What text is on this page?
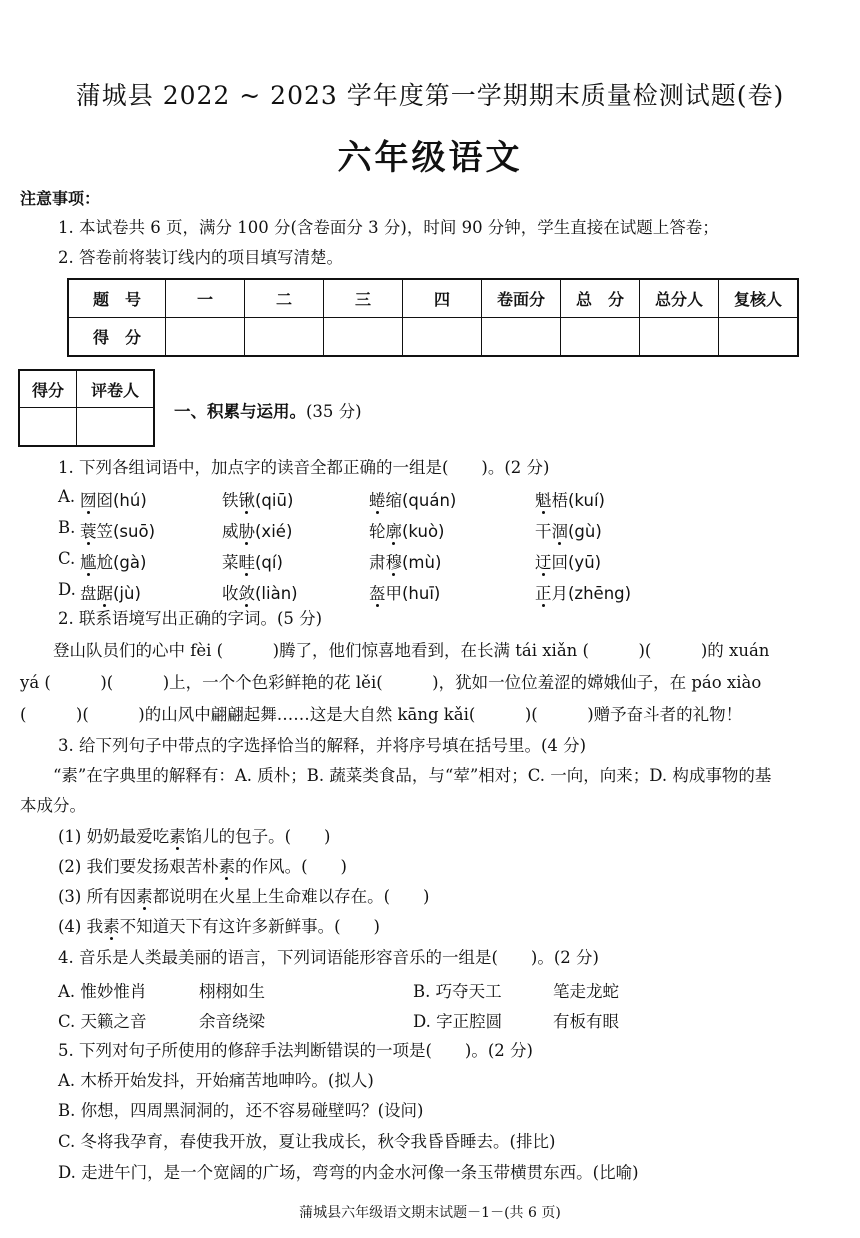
蒲城县 2022 ~ 2023 学年度第一学期期末质量检测试题(卷)
六年级语文
注意事项：
1. 本试卷共 6 页，满分 100 分(含卷面分 3 分)，时间 90 分钟，学生直接在试题上答卷；
2. 答卷前将装订线内的项目填写清楚。
题　号	一	二	三	四	卷面分	总　分	总分人	复核人
得　分								
得分	评卷人

一、积累与运用。(35 分)
1. 下列各组词语中，加点字的读音全都正确的一组是(　　)。(2 分)
A. 囫囵(hú)	铁锹(qiū)	蜷缩(quán)	魁梧(kuí)
B. 蓑笠(suō)	威胁(xié)	轮廓(kuò)	干涸(gù)
C. 尴尬(gà)	菜畦(qí)	肃穆(mù)	迂回(yū)
D. 盘踞(jù)	收敛(liàn)	盔甲(huī)	正月(zhēng)
2. 联系语境写出正确的字词。(5 分)
　　登山队员们的心中 fèi (　　　)腾了，他们惊喜地看到，在长满 tái xiǎn (　　　)(　　　)的 xuán
yá (　　　)(　　　)上，一个个色彩鲜艳的花 lěi(　　　)，犹如一位位羞涩的嫦娥仙子，在 páo xiào
(　　　)(　　　)的山风中翩翩起舞……这是大自然 kāng kǎi(　　　)(　　　)赠予奋斗者的礼物！
3. 给下列句子中带点的字选择恰当的解释，并将序号填在括号里。(4 分)
　　“素”在字典里的解释有：A. 质朴；B. 蔬菜类食品，与“荤”相对；C. 一向，向来；D. 构成事物的基
本成分。
(1) 奶奶最爱吃素馅儿的包子。(　　)
(2) 我们要发扬艰苦朴素的作风。(　　)
(3) 所有因素都说明在火星上生命难以存在。(　　)
(4) 我素不知道天下有这许多新鲜事。(　　)
4. 音乐是人类最美丽的语言，下列词语能形容音乐的一组是(　　)。(2 分)
A. 惟妙惟肖	栩栩如生	B. 巧夺天工	笔走龙蛇
C. 天籁之音	余音绕梁	D. 字正腔圆	有板有眼
5. 下列对句子所使用的修辞手法判断错误的一项是(　　)。(2 分)
A. 木桥开始发抖，开始痛苦地呻吟。(拟人)
B. 你想，四周黑洞洞的，还不容易碰壁吗？(设问)
C. 冬将我孕育，春使我开放，夏让我成长，秋令我昏昏睡去。(排比)
D. 走进午门，是一个宽阔的广场，弯弯的内金水河像一条玉带横贯东西。(比喻)
蒲城县六年级语文期末试题－1－(共 6 页)
